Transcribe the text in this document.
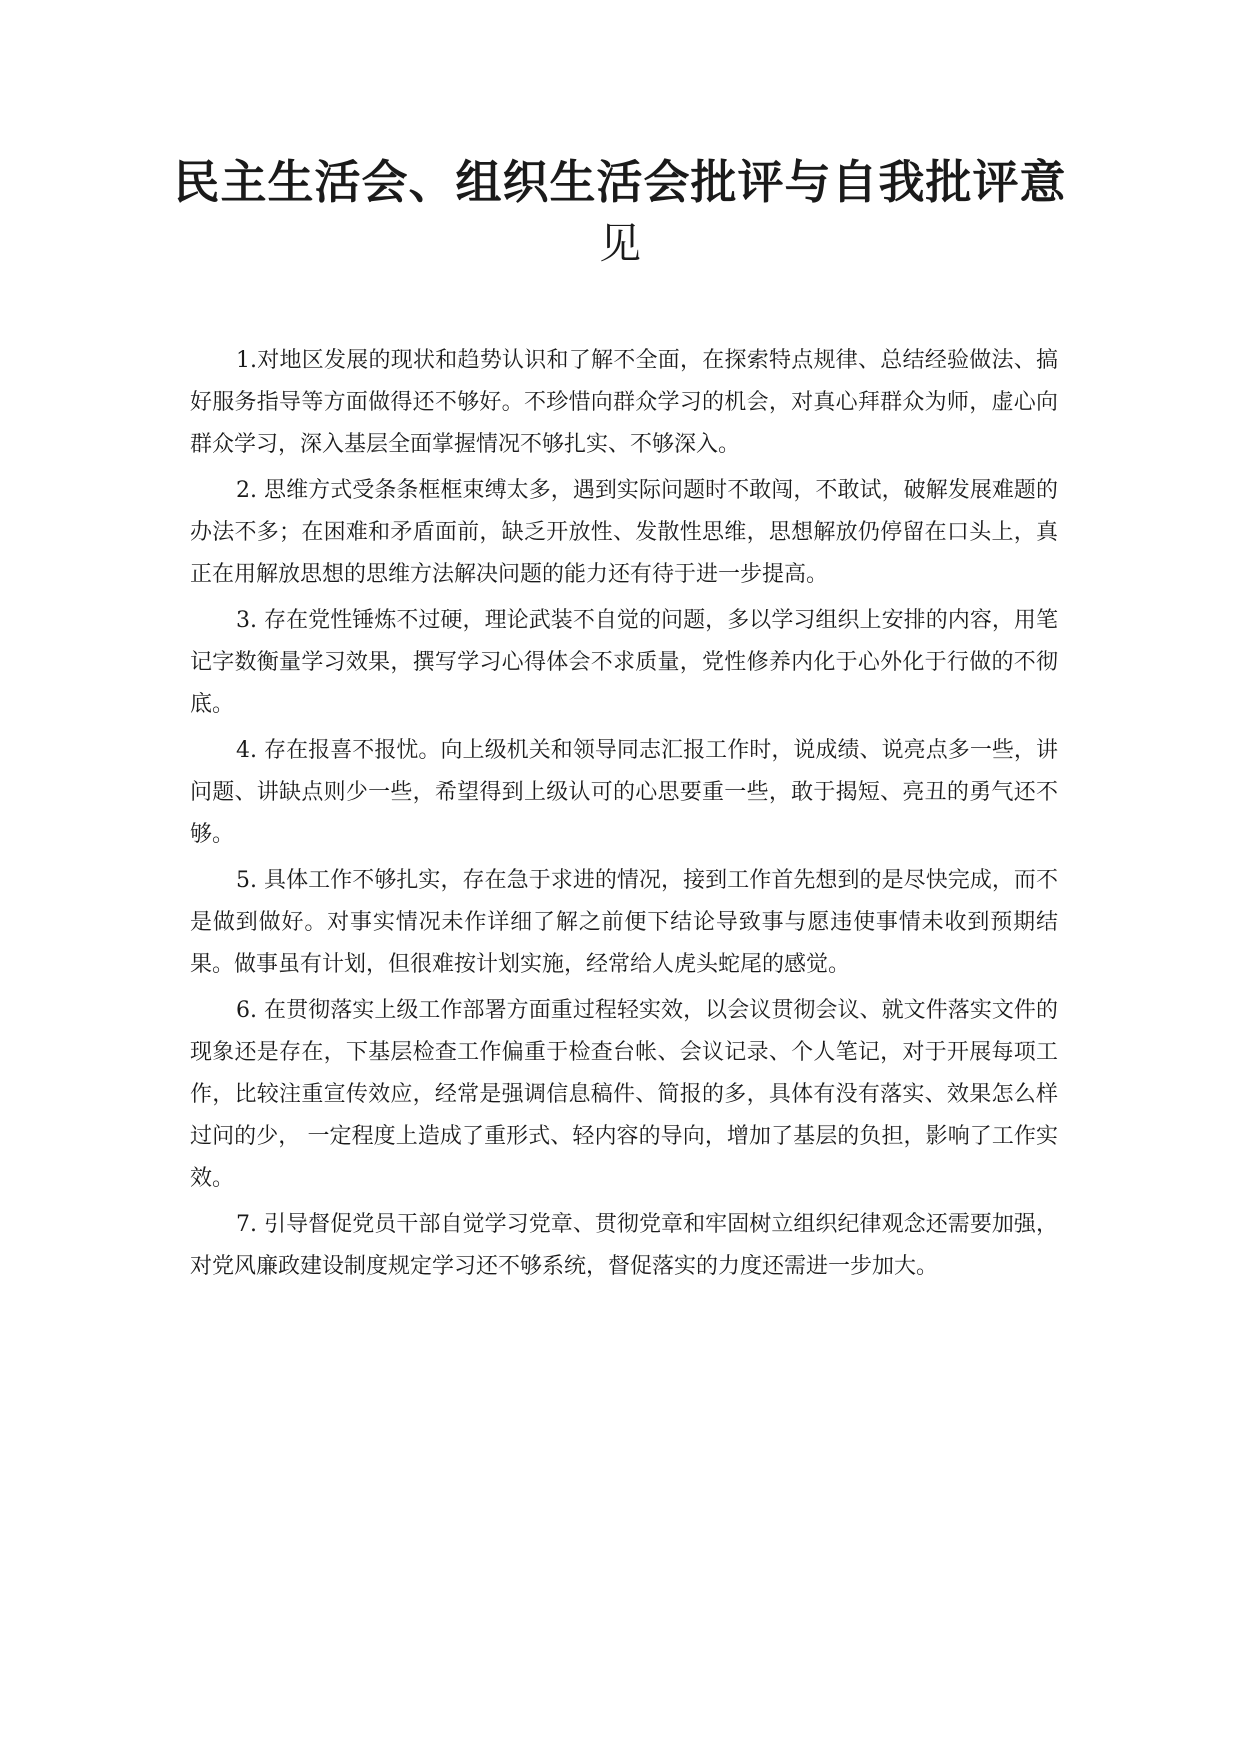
民主生活会、组织生活会批评与自我批评意
见

1.对地区发展的现状和趋势认识和了解不全面，在探索特点规律、总结经验做法、搞好服务指导等方面做得还不够好。不珍惜向群众学习的机会，对真心拜群众为师，虚心向群众学习，深入基层全面掌握情况不够扎实、不够深入。

2. 思维方式受条条框框束缚太多，遇到实际问题时不敢闯，不敢试，破解发展难题的办法不多；在困难和矛盾面前，缺乏开放性、发散性思维，思想解放仍停留在口头上，真正在用解放思想的思维方法解决问题的能力还有待于进一步提高。

3. 存在党性锤炼不过硬，理论武装不自觉的问题，多以学习组织上安排的内容，用笔记字数衡量学习效果，撰写学习心得体会不求质量，党性修养内化于心外化于行做的不彻底。

4. 存在报喜不报忧。向上级机关和领导同志汇报工作时，说成绩、说亮点多一些，讲问题、讲缺点则少一些，希望得到上级认可的心思要重一些，敢于揭短、亮丑的勇气还不够。

5. 具体工作不够扎实，存在急于求进的情况，接到工作首先想到的是尽快完成，而不是做到做好。对事实情况未作详细了解之前便下结论导致事与愿违使事情未收到预期结果。做事虽有计划，但很难按计划实施，经常给人虎头蛇尾的感觉。

6. 在贯彻落实上级工作部署方面重过程轻实效，以会议贯彻会议、就文件落实文件的现象还是存在，下基层检查工作偏重于检查台帐、会议记录、个人笔记，对于开展每项工作，比较注重宣传效应，经常是强调信息稿件、简报的多，具体有没有落实、效果怎么样过问的少， 一定程度上造成了重形式、轻内容的导向，增加了基层的负担，影响了工作实效。

7. 引导督促党员干部自觉学习党章、贯彻党章和牢固树立组织纪律观念还需要加强，对党风廉政建设制度规定学习还不够系统，督促落实的力度还需进一步加大。
